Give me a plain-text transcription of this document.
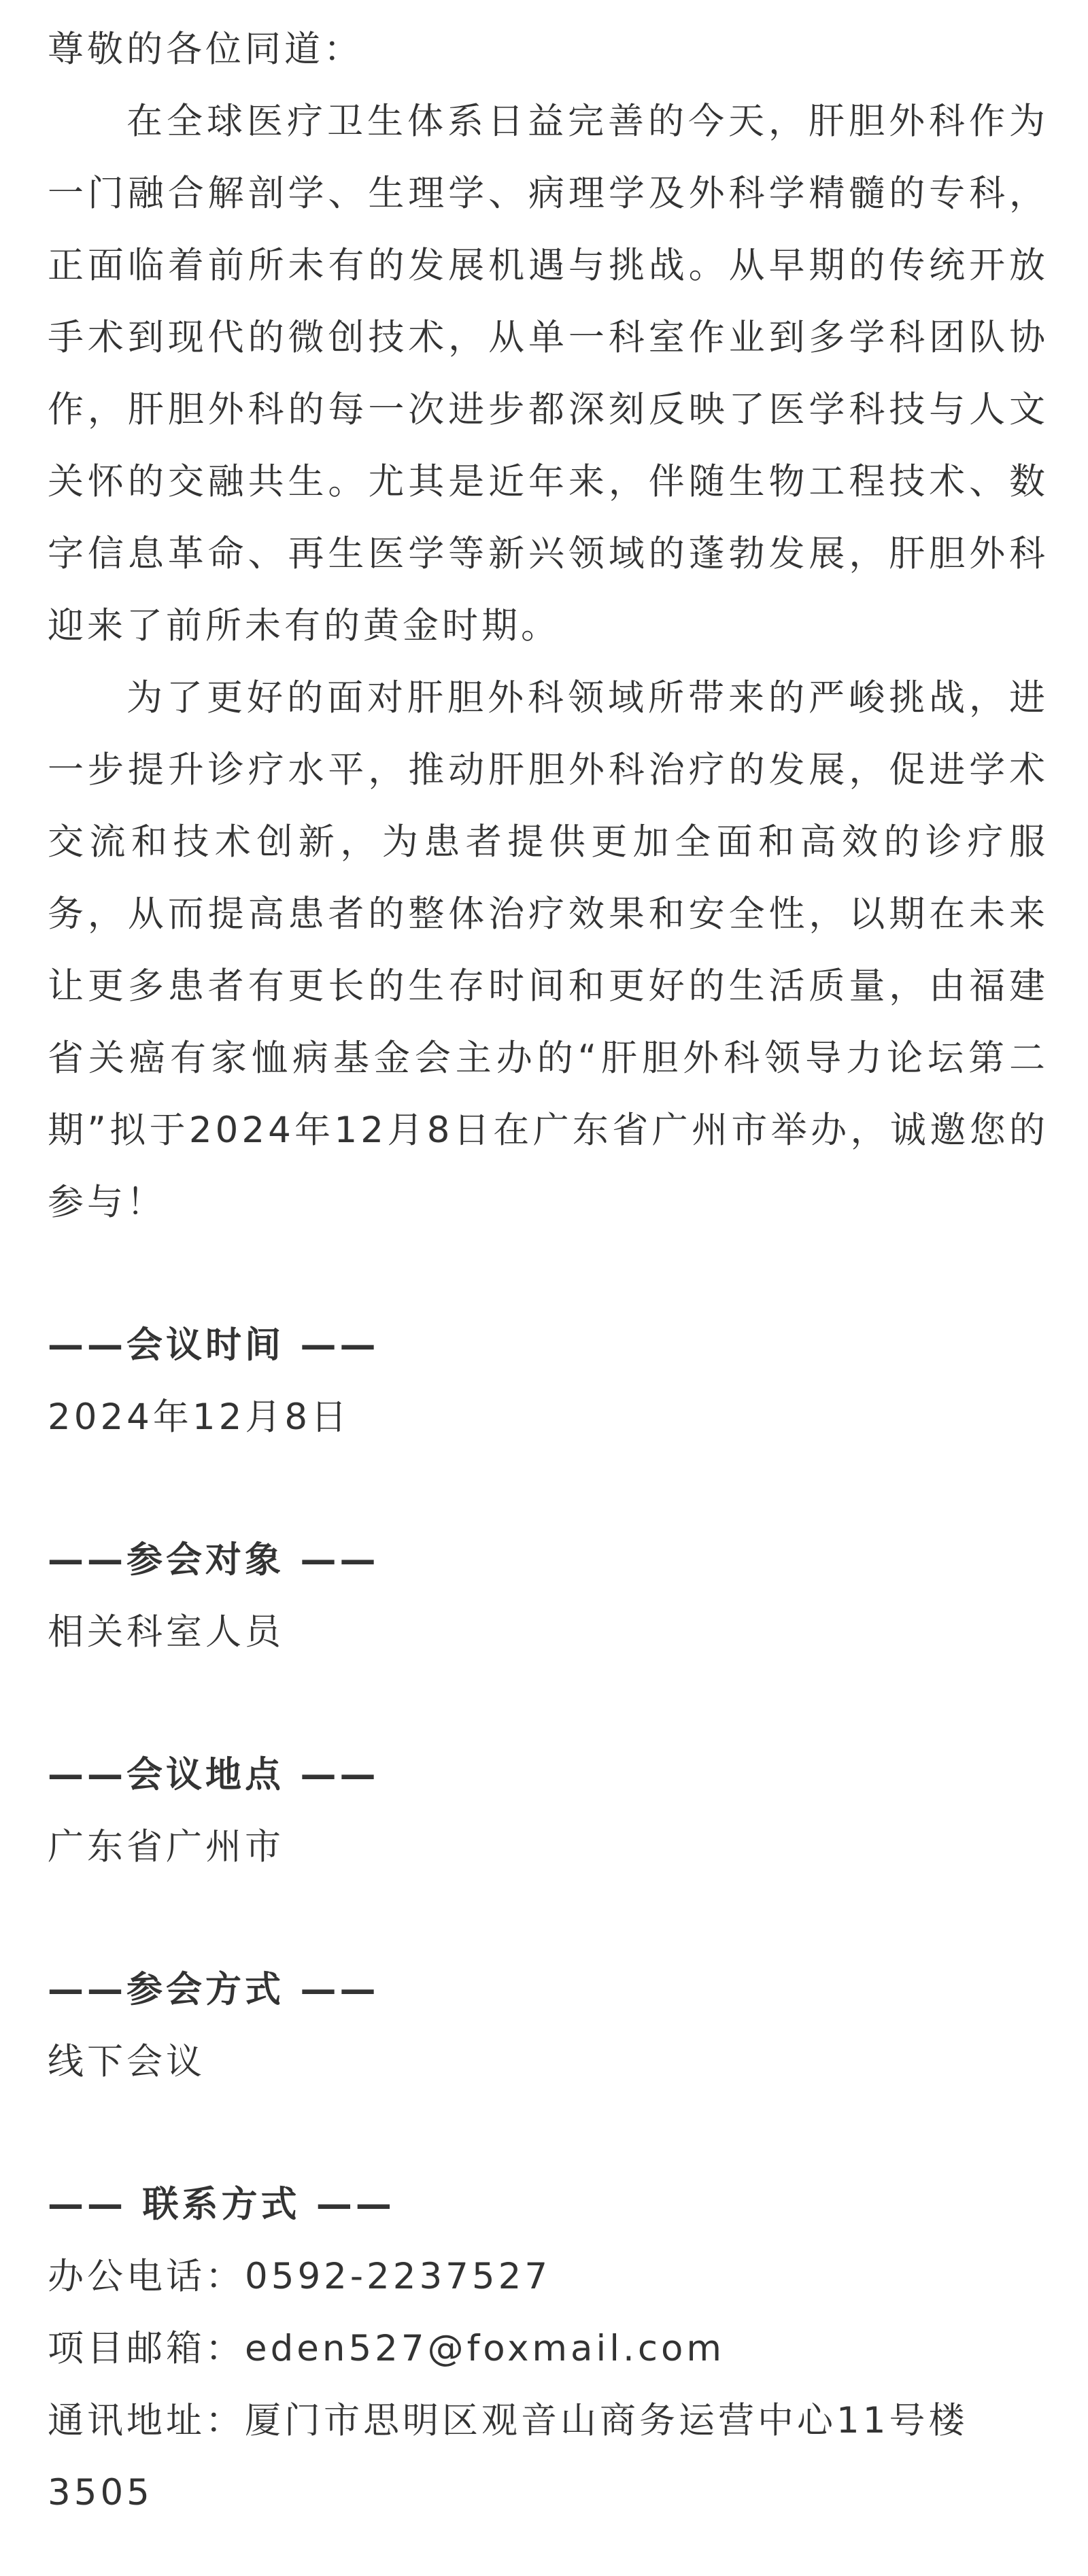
尊敬的各位同道：

在全球医疗卫生体系日益完善的今天，肝胆外科作为一门融合解剖学、生理学、病理学及外科学精髓的专科，正面临着前所未有的发展机遇与挑战。从早期的传统开放手术到现代的微创技术，从单一科室作业到多学科团队协作，肝胆外科的每一次进步都深刻反映了医学科技与人文关怀的交融共生。尤其是近年来，伴随生物工程技术、数字信息革命、再生医学等新兴领域的蓬勃发展，肝胆外科迎来了前所未有的黄金时期。

为了更好的面对肝胆外科领域所带来的严峻挑战，进一步提升诊疗水平，推动肝胆外科治疗的发展，促进学术交流和技术创新，为患者提供更加全面和高效的诊疗服务，从而提高患者的整体治疗效果和安全性，以期在未来让更多患者有更长的生存时间和更好的生活质量，由福建省关癌有家恤病基金会主办的“肝胆外科领导力论坛第二期”拟于2024年12月8日在广东省广州市举办，诚邀您的参与！

——会议时间 ——

2024年12月8日

——参会对象 ——

相关科室人员

——会议地点 ——

广东省广州市

——参会方式 ——

线下会议

—— 联系方式 ——

办公电话：0592-2237527

项目邮箱：eden527@foxmail.com

通讯地址：厦门市思明区观音山商务运营中心11号楼

3505
